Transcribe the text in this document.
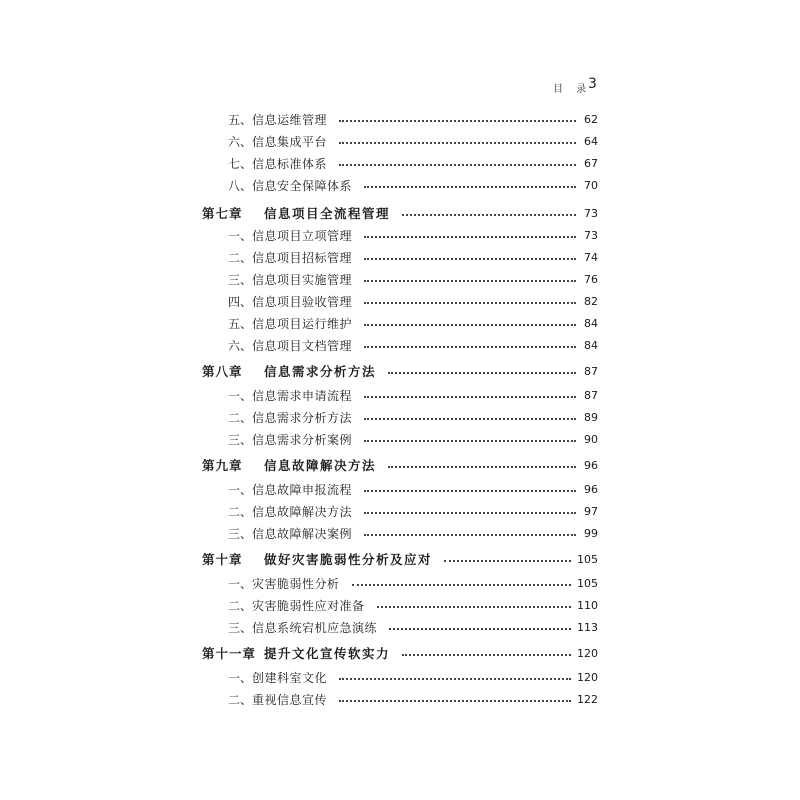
目 录
3
五、 信息运维管理	62
六、 信息集成平台	64
七、 信息标准体系	67
八、 信息安全保障体系	70
第七章	信息项目全流程管理	73
一、 信息项目立项管理	73
二、 信息项目招标管理	74
三、 信息项目实施管理	76
四、 信息项目验收管理	82
五、 信息项目运行维护	84
六、 信息项目文档管理	84
第八章	信息需求分析方法	87
一、 信息需求申请流程	87
二、 信息需求分析方法	89
三、 信息需求分析案例	90
第九章	信息故障解决方法	96
一、 信息故障申报流程	96
二、 信息故障解决方法	97
三、 信息故障解决案例	99
第十章	做好灾害脆弱性分析及应对	105
一、 灾害脆弱性分析	105
二、 灾害脆弱性应对准备	110
三、 信息系统宕机应急演练	113
第十一章 提升文化宣传软实力	120
一、 创建科室文化	120
二、 重视信息宣传	122
